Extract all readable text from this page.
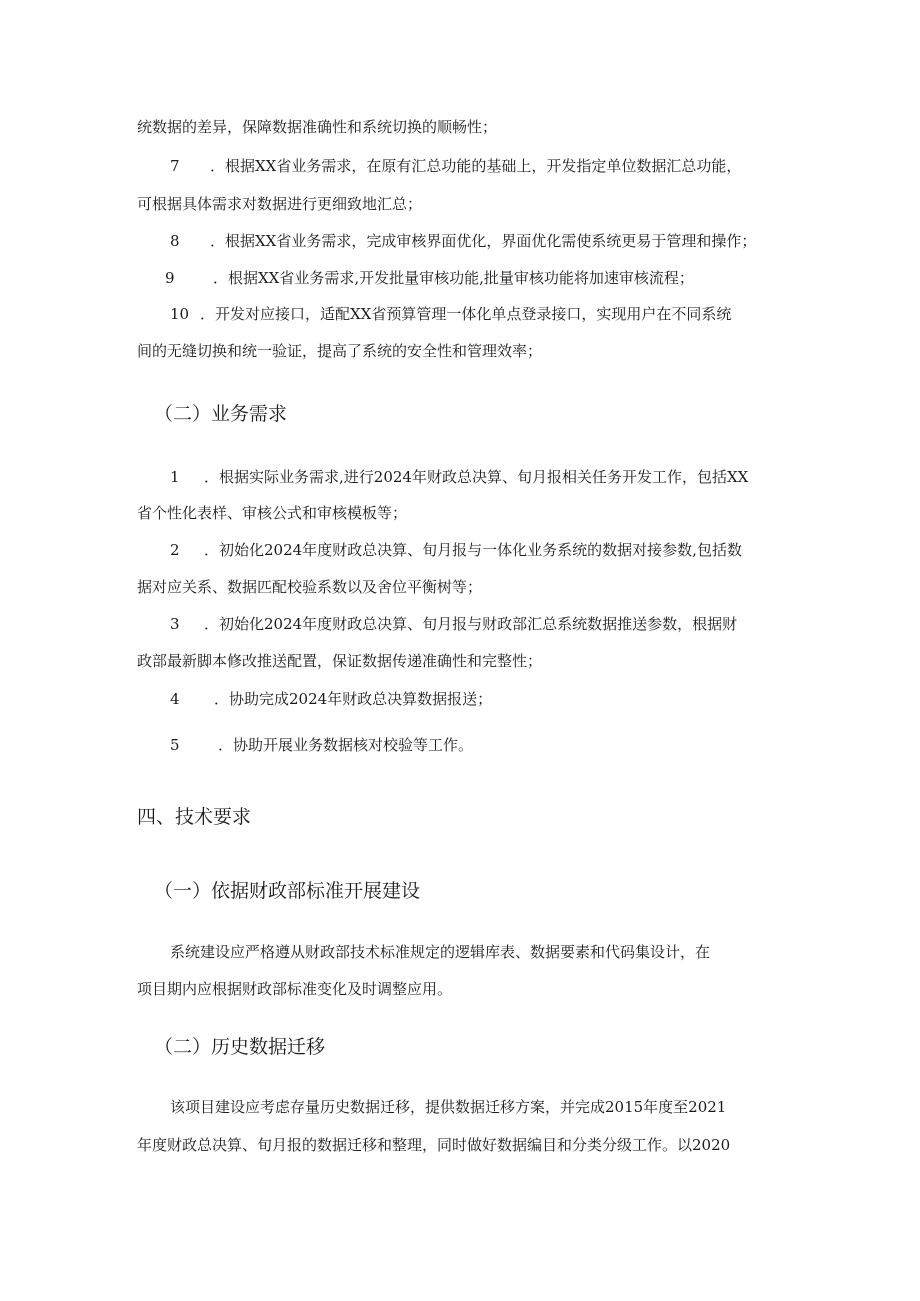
统数据的差异，保障数据准确性和系统切换的顺畅性；
7 ．根据XX省业务需求，在原有汇总功能的基础上，开发指定单位数据汇总功能，
可根据具体需求对数据进行更细致地汇总；
8 ．根据XX省业务需求，完成审核界面优化，界面优化需使系统更易于管理和操作；
9	．根据XX省业务需求,开发批量审核功能,批量审核功能将加速审核流程；
10 ．开发对应接口，适配XX省预算管理一体化单点登录接口，实现用户在不同系统
间的无缝切换和统一验证，提高了系统的安全性和管理效率；
（二）业务需求
1 ．根据实际业务需求,进行2024年财政总决算、旬月报相关任务开发工作，包括XX
省个性化表样、审核公式和审核模板等；
2 ．初始化2024年度财政总决算、旬月报与一体化业务系统的数据对接参数,包括数
据对应关系、数据匹配校验系数以及舍位平衡树等；
3 ．初始化2024年度财政总决算、旬月报与财政部汇总系统数据推送参数，根据财
政部最新脚本修改推送配置，保证数据传递准确性和完整性；
4 ．协助完成2024年财政总决算数据报送；
5	．协助开展业务数据核对校验等工作。
四、技术要求
（一）依据财政部标准开展建设
系统建设应严格遵从财政部技术标准规定的逻辑库表、数据要素和代码集设计，在
项目期内应根据财政部标准变化及时调整应用。
（二）历史数据迁移
该项目建设应考虑存量历史数据迁移，提供数据迁移方案，并完成2015年度至2021
年度财政总决算、旬月报的数据迁移和整理，同时做好数据编目和分类分级工作。以2020
